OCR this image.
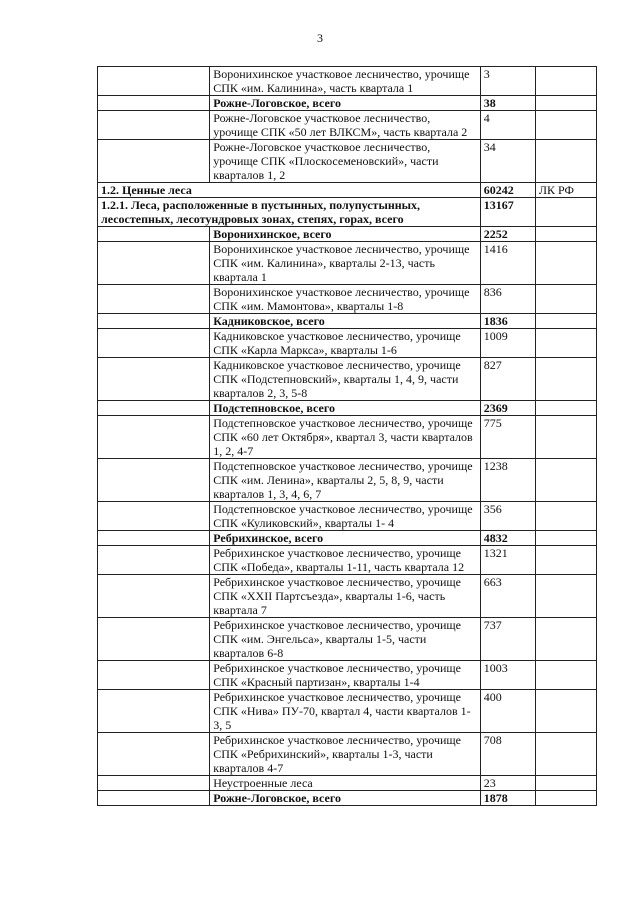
3
	Воронихинское участковое лесничество, урочище СПК «им. Калинина», часть квартала 1	3	
	Рожне-Логовское, всего	38	
	Рожне-Логовское участковое лесничество, урочище СПК «50 лет ВЛКСМ», часть квартала 2	4	
	Рожне-Логовское участковое лесничество, урочище СПК «Плоскосеменовский», части кварталов 1, 2	34	
1.2. Ценные леса		60242	ЛК РФ
1.2.1. Леса, расположенные в пустынных, полупустынных, лесостепных, лесотундровых зонах, степях, горах, всего		13167	
	Воронихинское, всего	2252	
	Воронихинское участковое лесничество, урочище СПК «им. Калинина», кварталы 2-13, часть квартала 1	1416	
	Воронихинское участковое лесничество, урочище СПК «им. Мамонтова», кварталы 1-8	836	
	Кадниковское, всего	1836	
	Кадниковское участковое лесничество, урочище СПК «Карла Маркса», кварталы 1-6	1009	
	Кадниковское участковое лесничество, урочище СПК «Подстепновский», кварталы 1, 4, 9, части кварталов 2, 3, 5-8	827	
	Подстепновское, всего	2369	
	Подстепновское участковое лесничество, урочище СПК «60 лет Октября», квартал 3, части кварталов 1, 2, 4-7	775	
	Подстепновское участковое лесничество, урочище СПК «им. Ленина», кварталы 2, 5, 8, 9, части кварталов 1, 3, 4, 6, 7	1238	
	Подстепновское участковое лесничество, урочище СПК «Куликовский», кварталы 1- 4	356	
	Ребрихинское, всего	4832	
	Ребрихинское участковое лесничество, урочище СПК «Победа», кварталы 1-11, часть квартала 12	1321	
	Ребрихинское участковое лесничество, урочище СПК «XXII Партсъезда», кварталы 1-6, часть квартала 7	663	
	Ребрихинское участковое лесничество, урочище СПК «им. Энгельса», кварталы 1-5, части кварталов 6-8	737	
	Ребрихинское участковое лесничество, урочище СПК «Красный партизан», кварталы 1-4	1003	
	Ребрихинское участковое лесничество, урочище СПК «Нива» ПУ-70, квартал 4, части кварталов 1-3, 5	400	
	Ребрихинское участковое лесничество, урочище СПК «Ребрихинский», кварталы 1-3, части кварталов 4-7	708	
	Неустроенные леса	23	
	Рожне-Логовское, всего	1878	
